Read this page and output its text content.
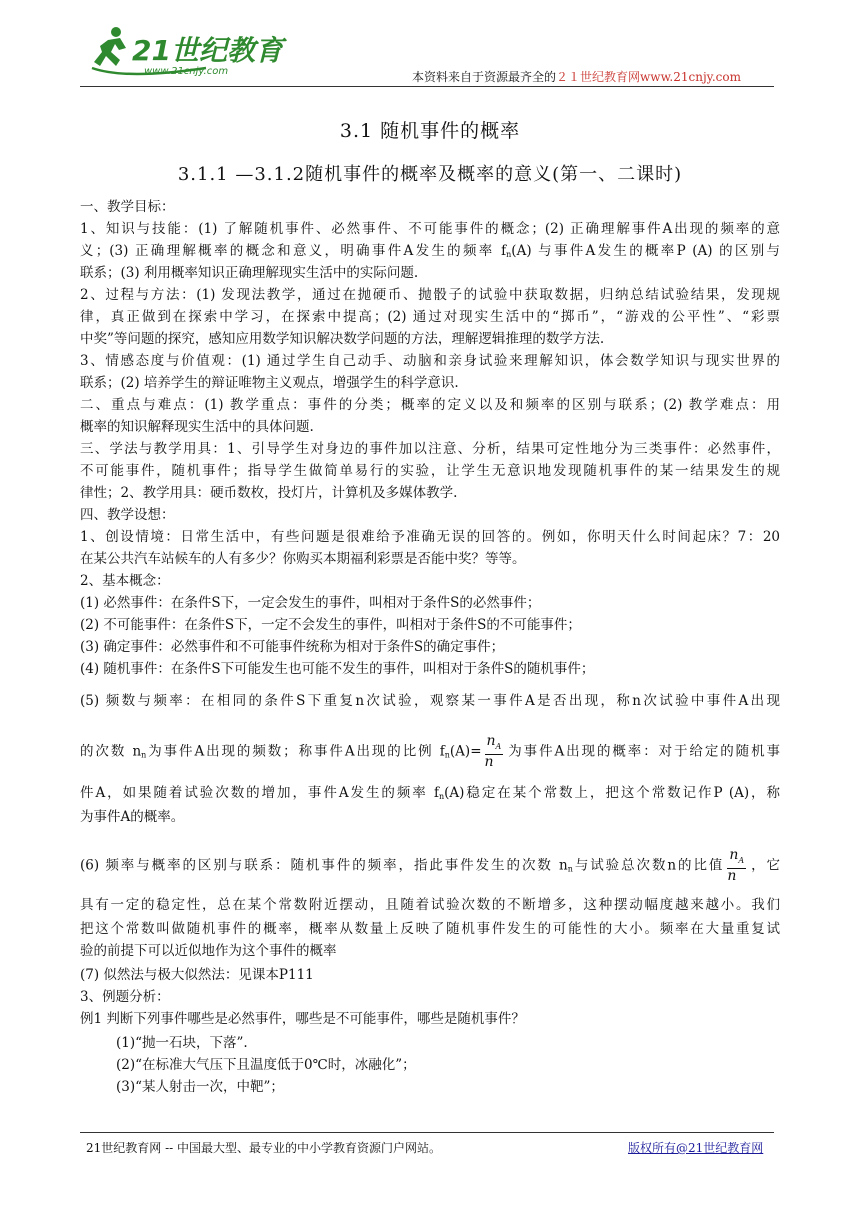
21世纪教育
www.21cnjy.com	本资料来自于资源最齐全的２１世纪教育网www.21cnjy.com
3.1 随机事件的概率
3.1.1 —3.1.2随机事件的概率及概率的意义(第一、二课时)
一、教学目标：
1、知识与技能：(1) 了解随机事件、必然事件、不可能事件的概念；(2) 正确理解事件A出现的频率的意
义；(3) 正确理解概率的概念和意义，明确事件A发生的频率 $f_n(A)$ 与事件A发生的概率P (A) 的区别与
联系；(3) 利用概率知识正确理解现实生活中的实际问题.
2、过程与方法：(1) 发现法教学，通过在抛硬币、抛骰子的试验中获取数据，归纳总结试验结果，发现规
律，真正做到在探索中学习，在探索中提高；(2) 通过对现实生活中的“掷币”，“游戏的公平性”、“彩票
中奖”等问题的探究，感知应用数学知识解决数学问题的方法，理解逻辑推理的数学方法.
3、情感态度与价值观：(1) 通过学生自己动手、动脑和亲身试验来理解知识，体会数学知识与现实世界的
联系；(2) 培养学生的辩证唯物主义观点，增强学生的科学意识.
二、重点与难点：(1) 教学重点：事件的分类；概率的定义以及和频率的区别与联系；(2) 教学难点：用
概率的知识解释现实生活中的具体问题.
三、学法与教学用具：1、引导学生对身边的事件加以注意、分析，结果可定性地分为三类事件：必然事件，
不可能事件，随机事件；指导学生做简单易行的实验，让学生无意识地发现随机事件的某一结果发生的规
律性；2、教学用具：硬币数枚，投灯片，计算机及多媒体教学.
四、教学设想：
1、创设情境：日常生活中，有些问题是很难给予准确无误的回答的。例如，你明天什么时间起床？7：20
在某公共汽车站候车的人有多少？你购买本期福利彩票是否能中奖？等等。
2、基本概念：
(1) 必然事件：在条件S下，一定会发生的事件，叫相对于条件S的必然事件；
(2) 不可能事件：在条件S下，一定不会发生的事件，叫相对于条件S的不可能事件；
(3) 确定事件：必然事件和不可能事件统称为相对于条件S的确定事件；
(4) 随机事件：在条件S下可能发生也可能不发生的事件，叫相对于条件S的随机事件；
(5) 频数与频率：在相同的条件S下重复n次试验，观察某一事件A是否出现，称n次试验中事件A出现
的次数 $n_n$为事件A出现的频数；称事件A出现的比例 $f_n(A)= \frac{n_A}{n}$ 为事件A出现的概率：对于给定的随机事
件A，如果随着试验次数的增加，事件A发生的频率 $f_n(A)$稳定在某个常数上，把这个常数记作P (A)，称
为事件A的概率。
(6) 频率与概率的区别与联系：随机事件的频率，指此事件发生的次数 $n_n$与试验总次数n的比值 $\frac{n_A}{n}$ ，它
具有一定的稳定性，总在某个常数附近摆动，且随着试验次数的不断增多，这种摆动幅度越来越小。我们
把这个常数叫做随机事件的概率，概率从数量上反映了随机事件发生的可能性的大小。频率在大量重复试
验的前提下可以近似地作为这个事件的概率
(7) 似然法与极大似然法：见课本P111
3、例题分析：
例1 判断下列事件哪些是必然事件，哪些是不可能事件，哪些是随机事件？
(1)“抛一石块，下落”.
(2)“在标准大气压下且温度低于0℃时，冰融化”；
(3)“某人射击一次，中靶”；
21世纪教育网 -- 中国最大型、最专业的中小学教育资源门户网站。	版权所有@21世纪教育网
